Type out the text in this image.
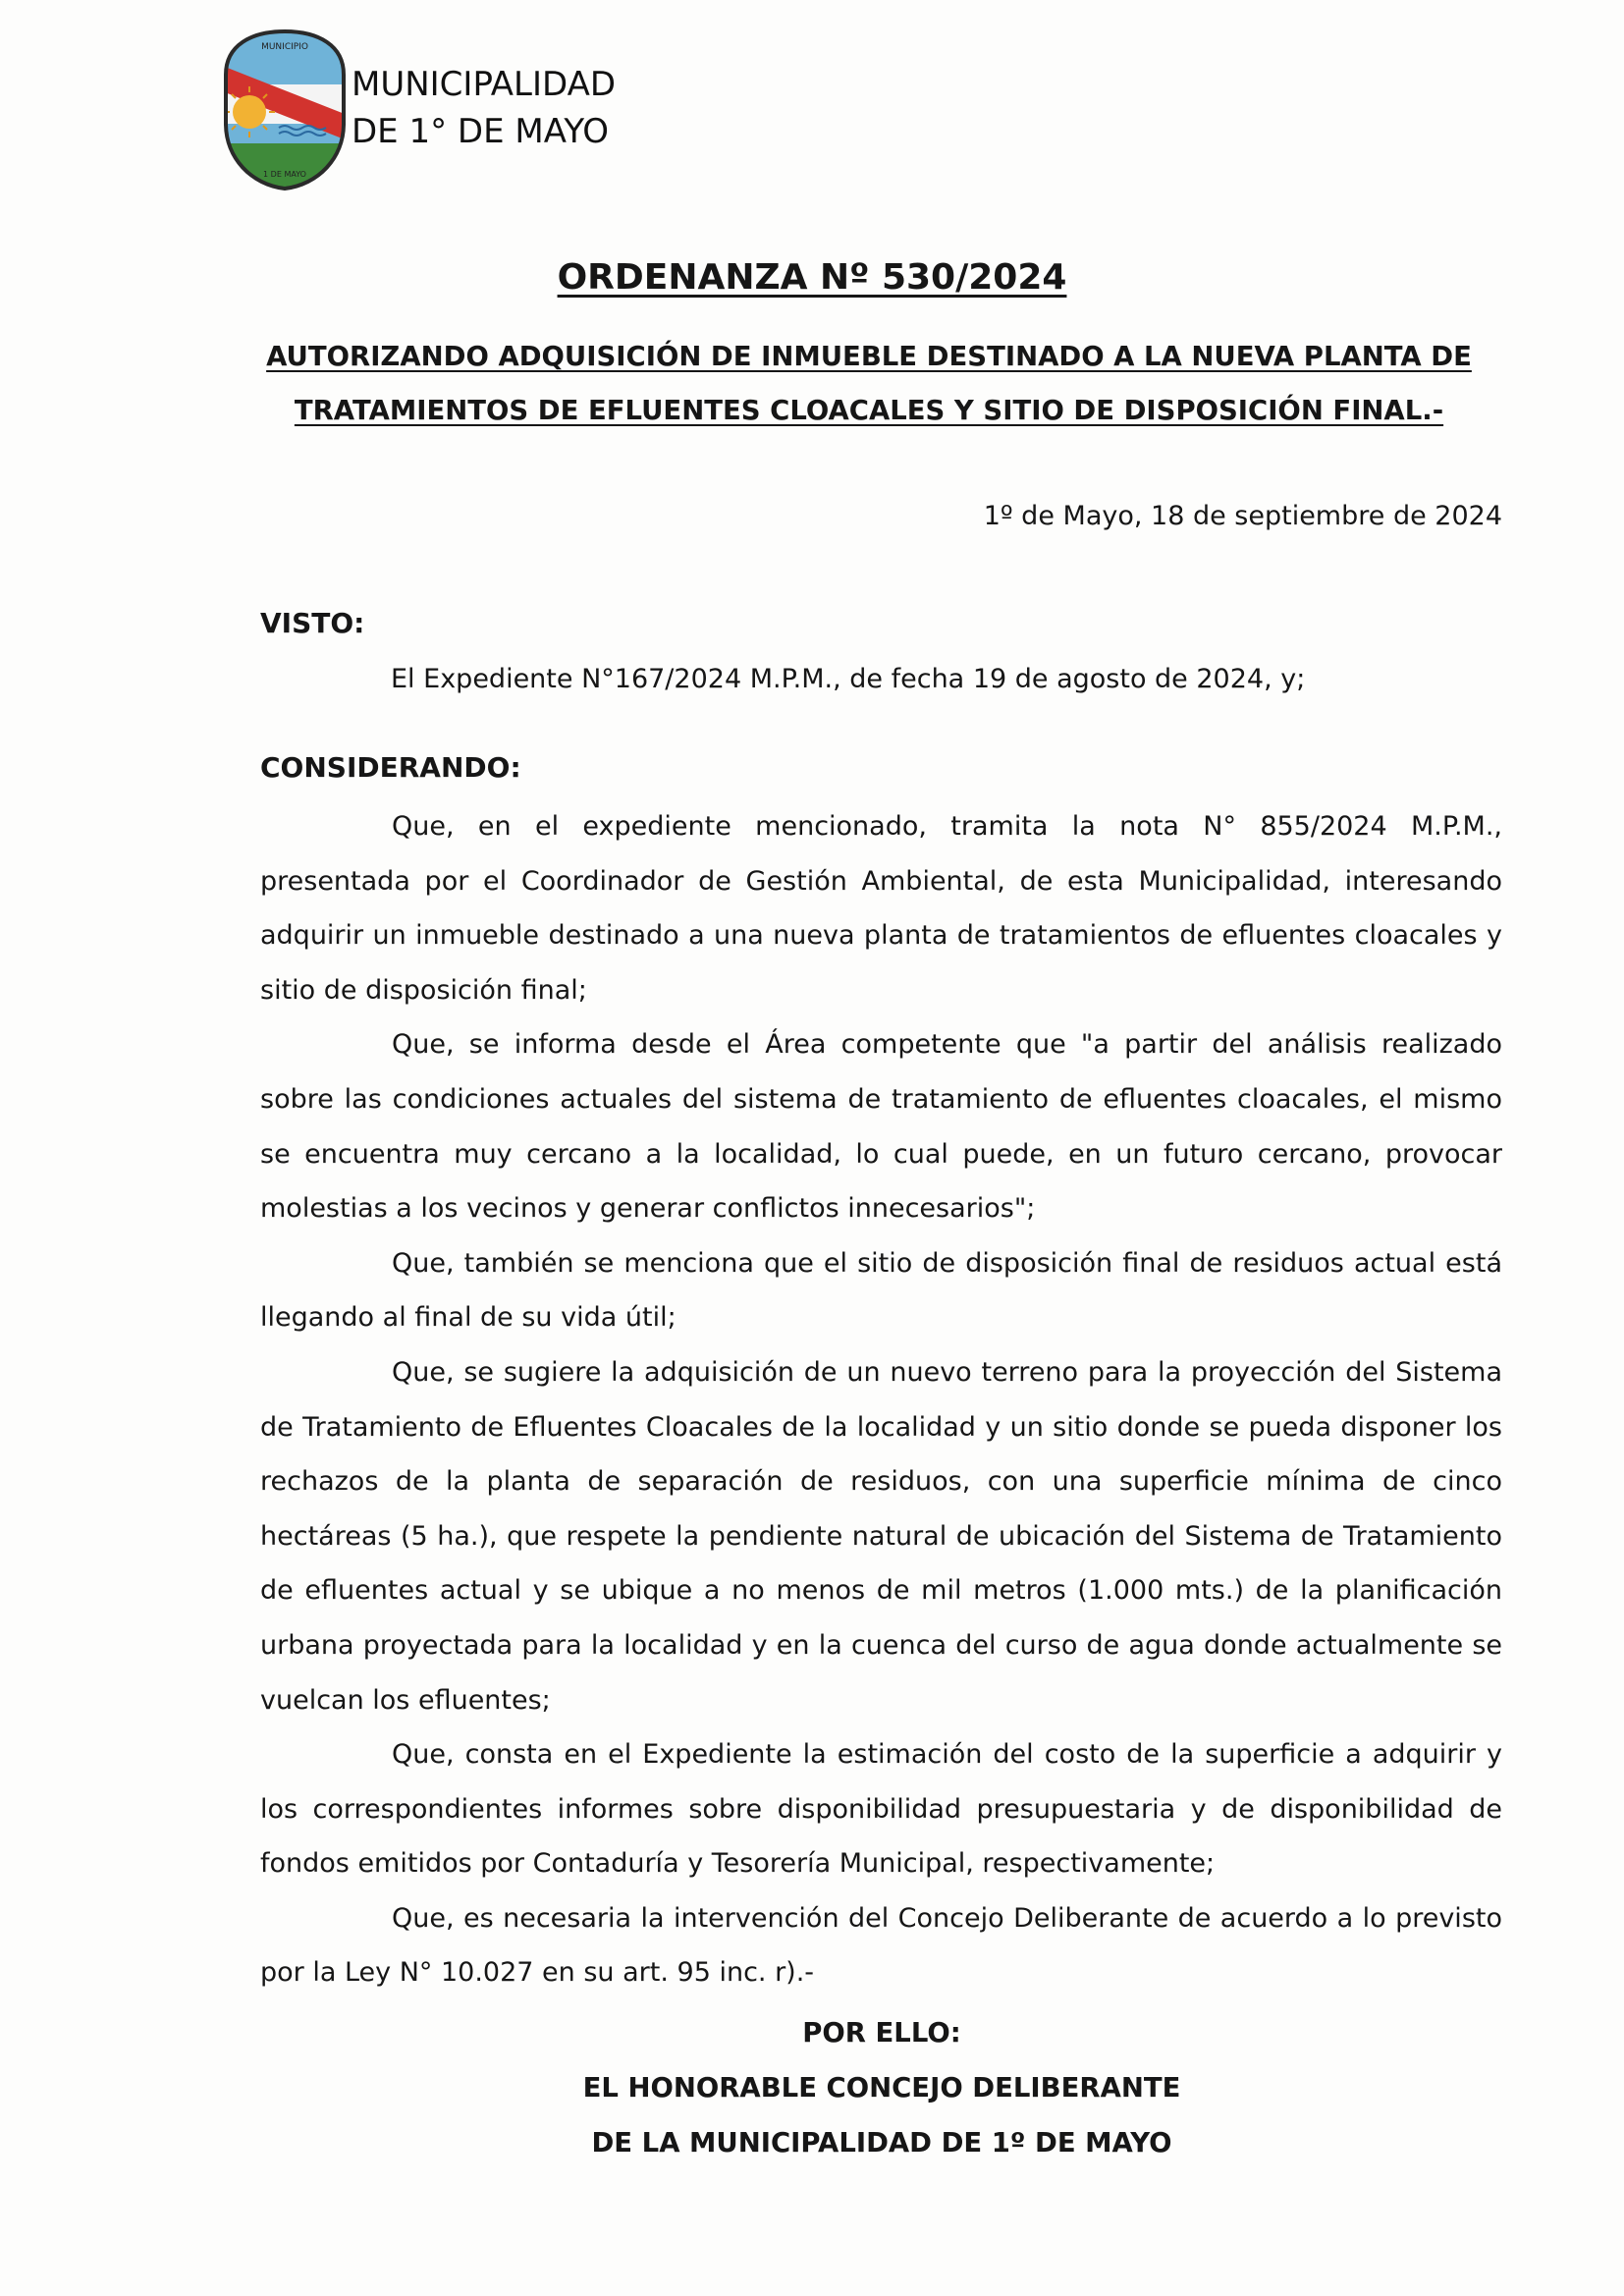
MUNICIPIO
1 DE MAYO
MUNICIPALIDAD
DE 1° DE MAYO
ORDENANZA Nº 530/2024
AUTORIZANDO ADQUISICIÓN DE INMUEBLE DESTINADO A LA NUEVA PLANTA DE
TRATAMIENTOS DE EFLUENTES CLOACALES Y SITIO DE DISPOSICIÓN FINAL.-
1º de Mayo, 18 de septiembre de 2024
VISTO:
El Expediente N°167/2024 M.P.M., de fecha 19 de agosto de 2024, y;
CONSIDERANDO:

Que, en el expediente mencionado, tramita la nota N° 855/2024 M.P.M., presentada por el Coordinador de Gestión Ambiental, de esta Municipalidad, interesando adquirir un inmueble destinado a una nueva planta de tratamientos de efluentes cloacales y sitio de disposición final;

Que, se informa desde el Área competente que "a partir del análisis realizado sobre las condiciones actuales del sistema de tratamiento de efluentes cloacales, el mismo se encuentra muy cercano a la localidad, lo cual puede, en un futuro cercano, provocar molestias a los vecinos y generar conflictos innecesarios";

Que, también se menciona que el sitio de disposición final de residuos actual está llegando al final de su vida útil;

Que, se sugiere la adquisición de un nuevo terreno para la proyección del Sistema de Tratamiento de Efluentes Cloacales de la localidad y un sitio donde se pueda disponer los rechazos de la planta de separación de residuos, con una superficie mínima de cinco hectáreas (5 ha.), que respete la pendiente natural de ubicación del Sistema de Tratamiento de efluentes actual y se ubique a no menos de mil metros (1.000 mts.) de la planificación urbana proyectada para la localidad y en la cuenca del curso de agua donde actualmente se vuelcan los efluentes;

Que, consta en el Expediente la estimación del costo de la superficie a adquirir y los correspondientes informes sobre disponibilidad presupuestaria y de disponibilidad de fondos emitidos por Contaduría y Tesorería Municipal, respectivamente;

Que, es necesaria la intervención del Concejo Deliberante de acuerdo a lo previsto por la Ley N° 10.027 en su art. 95 inc. r).-

POR ELLO:
EL HONORABLE CONCEJO DELIBERANTE
DE LA MUNICIPALIDAD DE 1º DE MAYO
